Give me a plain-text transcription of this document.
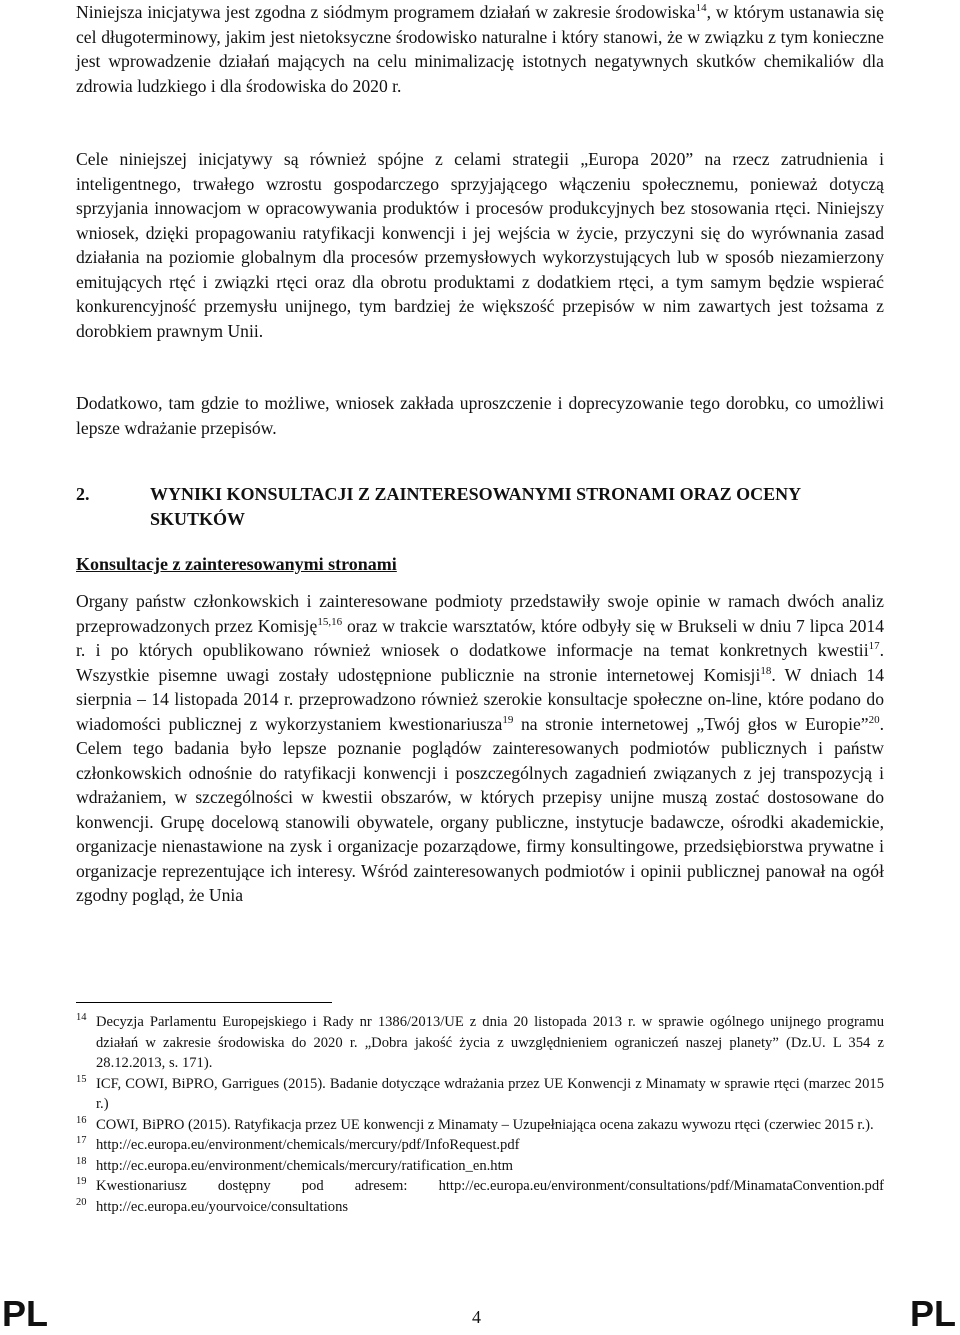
Niniejsza inicjatywa jest zgodna z siódmym programem działań w zakresie środowiska$^{14}$, w którym ustanawia się cel długoterminowy, jakim jest nietoksyczne środowisko naturalne i który stanowi, że w związku z tym konieczne jest wprowadzenie działań mających na celu minimalizację istotnych negatywnych skutków chemikaliów dla zdrowia ludzkiego i dla środowiska do 2020 r.

Cele niniejszej inicjatywy są również spójne z celami strategii „Europa 2020” na rzecz zatrudnienia i inteligentnego, trwałego wzrostu gospodarczego sprzyjającego włączeniu społecznemu, ponieważ dotyczą sprzyjania innowacjom w opracowywania produktów i procesów produkcyjnych bez stosowania rtęci. Niniejszy wniosek, dzięki propagowaniu ratyfikacji konwencji i jej wejścia w życie, przyczyni się do wyrównania zasad działania na poziomie globalnym dla procesów przemysłowych wykorzystujących lub w sposób niezamierzony emitujących rtęć i związki rtęci oraz dla obrotu produktami z dodatkiem rtęci, a tym samym będzie wspierać konkurencyjność przemysłu unijnego, tym bardziej że większość przepisów w nim zawartych jest tożsama z dorobkiem prawnym Unii.

Dodatkowo, tam gdzie to możliwe, wniosek zakłada uproszczenie i doprecyzowanie tego dorobku, co umożliwi lepsze wdrażanie przepisów.

2.	WYNIKI KONSULTACJI Z ZAINTERESOWANYMI STRONAMI ORAZ OCENY SKUTKÓW
Konsultacje z zainteresowanymi stronami

Organy państw członkowskich i zainteresowane podmioty przedstawiły swoje opinie w ramach dwóch analiz przeprowadzonych przez Komisję$^{15,16}$ oraz w trakcie warsztatów, które odbyły się w Brukseli w dniu 7 lipca 2014 r. i po których opublikowano również wniosek o dodatkowe informacje na temat konkretnych kwestii$^{17}$. Wszystkie pisemne uwagi zostały udostępnione publicznie na stronie internetowej Komisji$^{18}$. W dniach 14 sierpnia – 14 listopada 2014 r. przeprowadzono również szerokie konsultacje społeczne on-line, które podano do wiadomości publicznej z wykorzystaniem kwestionariusza$^{19}$ na stronie internetowej „Twój głos w Europie”$^{20}$. Celem tego badania było lepsze poznanie poglądów zainteresowanych podmiotów publicznych i państw członkowskich odnośnie do ratyfikacji konwencji i poszczególnych zagadnień związanych z jej transpozycją i wdrażaniem, w szczególności w kwestii obszarów, w których przepisy unijne muszą zostać dostosowane do konwencji. Grupę docelową stanowili obywatele, organy publiczne, instytucje badawcze, ośrodki akademickie, organizacje nienastawione na zysk i organizacje pozarządowe, firmy konsultingowe, przedsiębiorstwa prywatne i organizacje reprezentujące ich interesy. Wśród zainteresowanych podmiotów i opinii publicznej panował na ogół zgodny pogląd, że Unia

14 Decyzja Parlamentu Europejskiego i Rady nr 1386/2013/UE z dnia 20 listopada 2013 r. w sprawie ogólnego unijnego programu działań w zakresie środowiska do 2020 r. „Dobra jakość życia z uwzględnieniem ograniczeń naszej planety” (Dz.U. L 354 z 28.12.2013, s. 171).
15 ICF, COWI, BiPRO, Garrigues (2015). Badanie dotyczące wdrażania przez UE Konwencji z Minamaty w sprawie rtęci (marzec 2015 r.)
16 COWI, BiPRO (2015). Ratyfikacja przez UE konwencji z Minamaty – Uzupełniająca ocena zakazu wywozu rtęci (czerwiec 2015 r.).
17 http://ec.europa.eu/environment/chemicals/mercury/pdf/InfoRequest.pdf
18 http://ec.europa.eu/environment/chemicals/mercury/ratification_en.htm
19 Kwestionariusz dostępny pod adresem: http://ec.europa.eu/environment/consultations/pdf/MinamataConvention.pdf
20 http://ec.europa.eu/yourvoice/consultations
PL	4	PL
